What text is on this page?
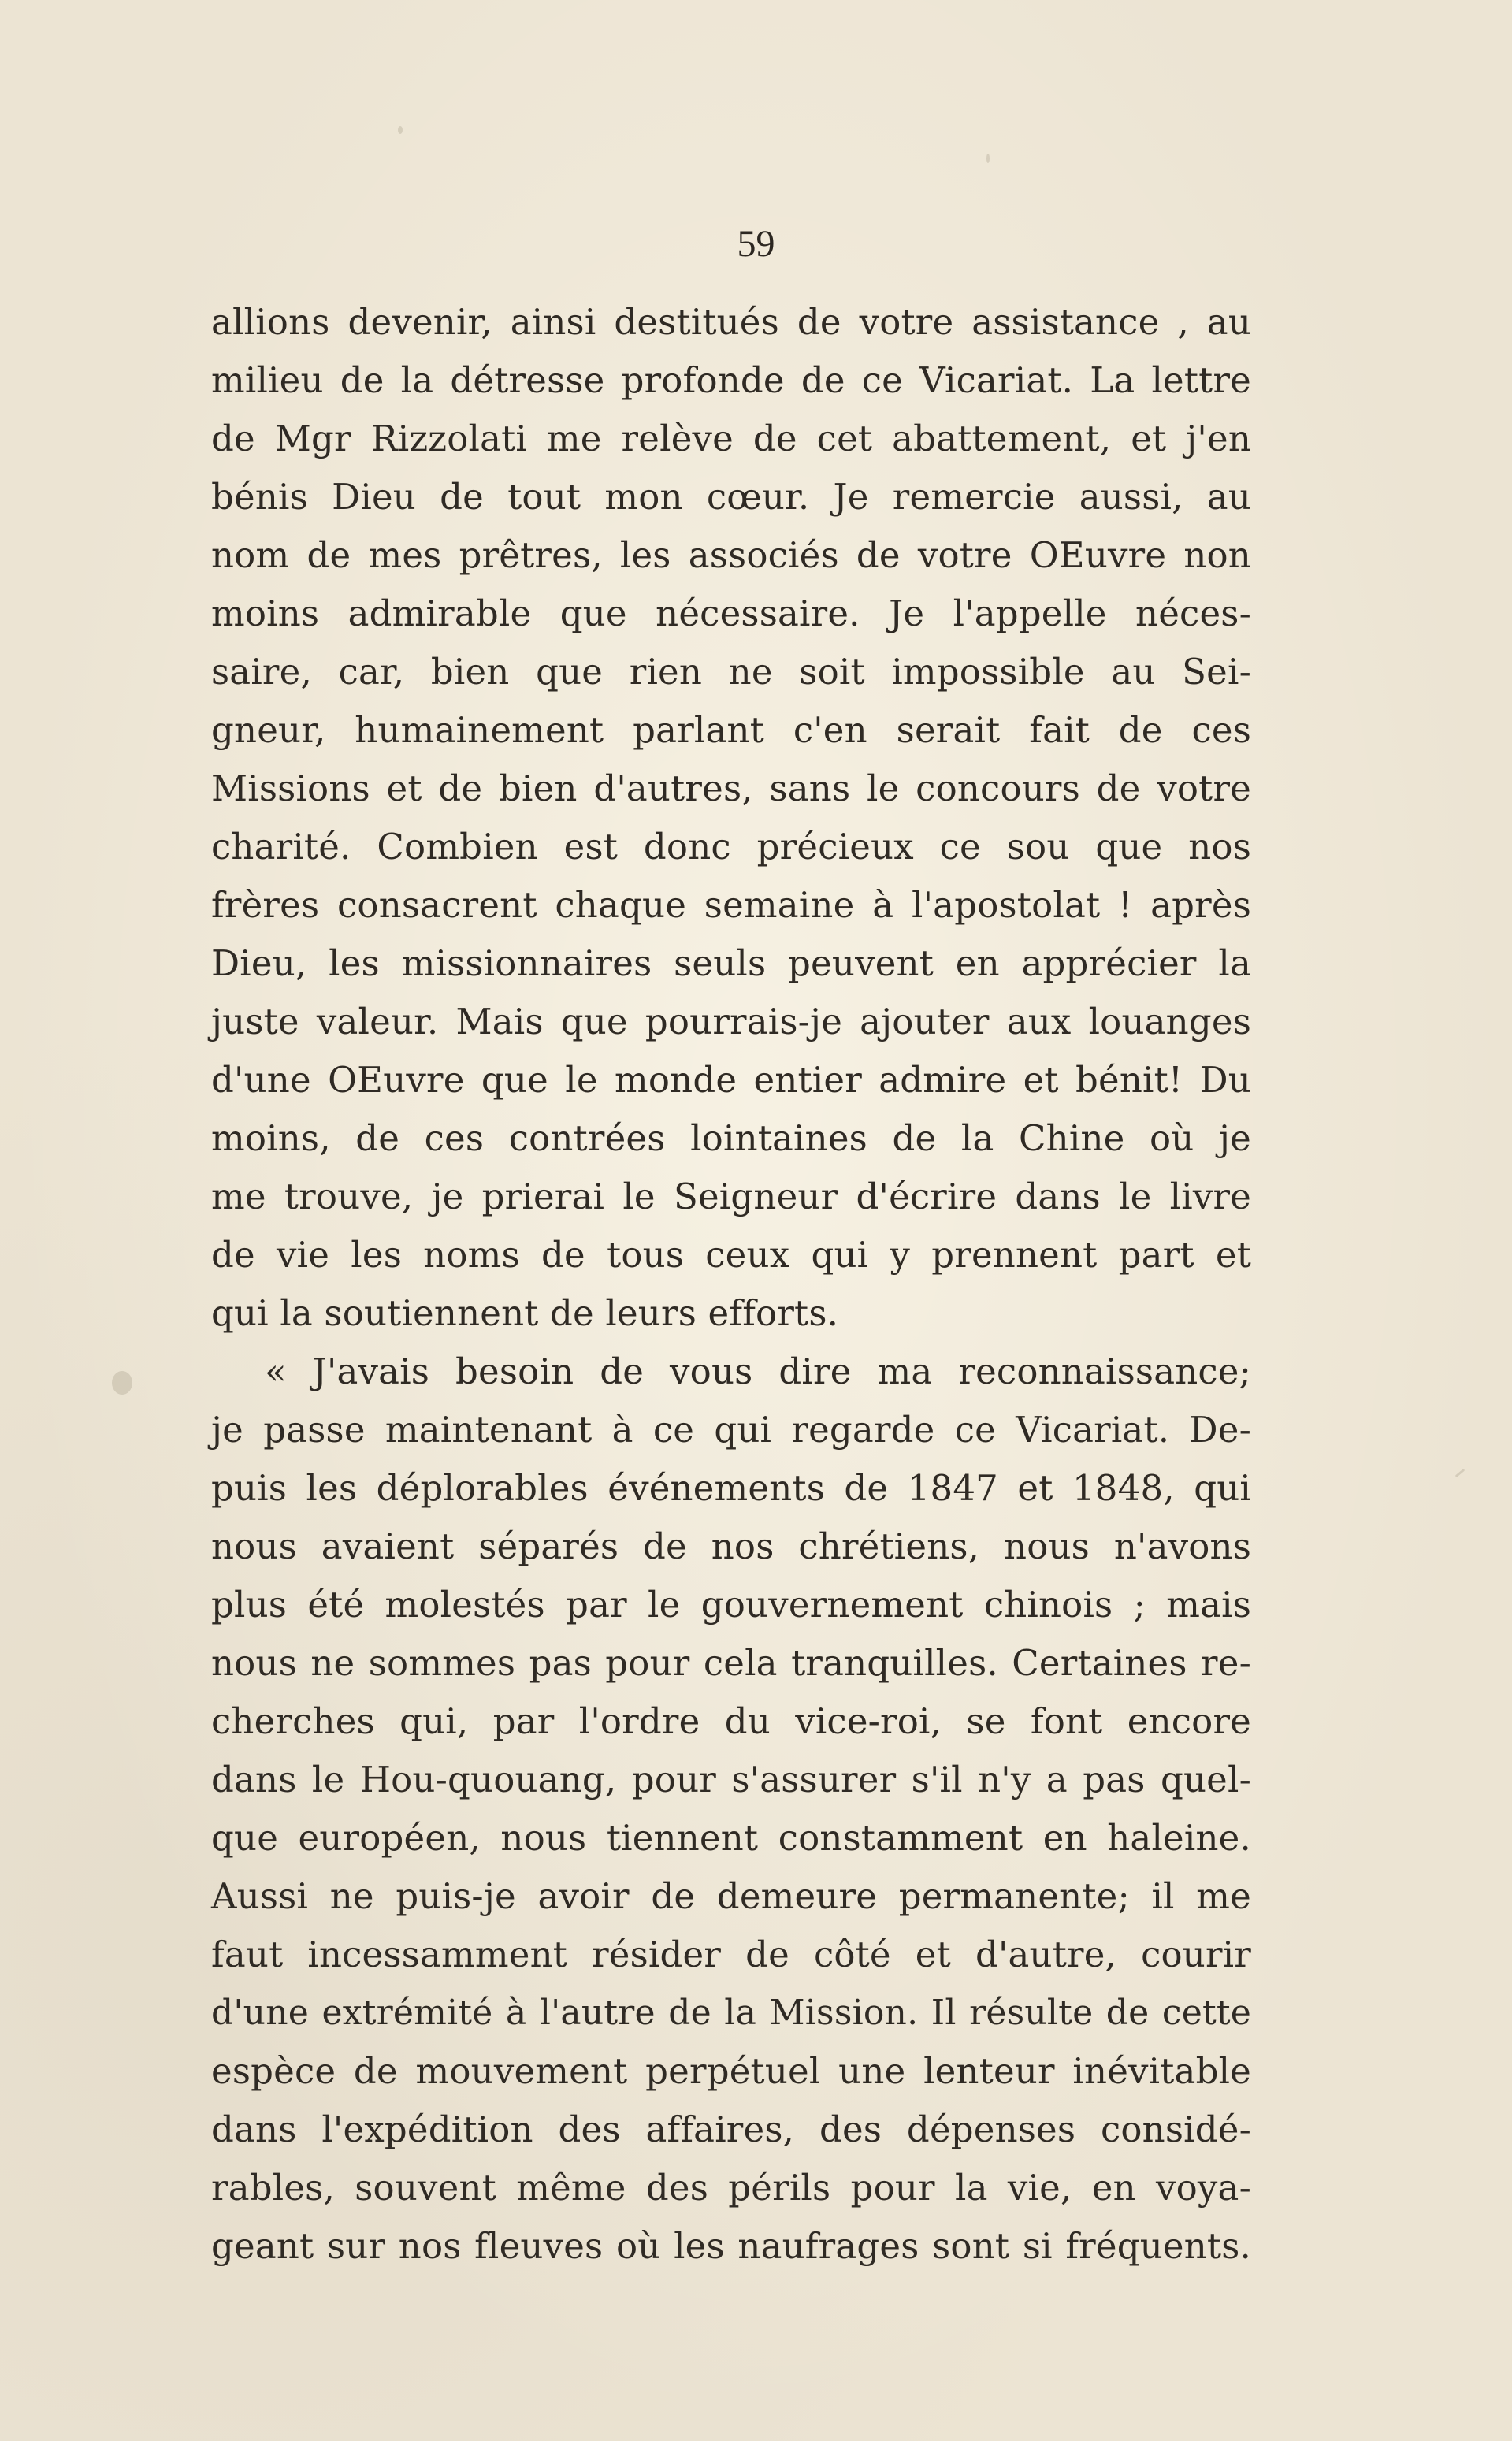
59
allions devenir, ainsi destitués de votre assistance , au
milieu de la détresse profonde de ce Vicariat. La lettre
de Mgr Rizzolati me relève de cet abattement, et j'en
bénis Dieu de tout mon cœur. Je remercie aussi, au
nom de mes prêtres, les associés de votre OEuvre non
moins admirable que nécessaire. Je l'appelle néces-
saire, car, bien que rien ne soit impossible au Sei-
gneur, humainement parlant c'en serait fait de ces
Missions et de bien d'autres, sans le concours de votre
charité. Combien est donc précieux ce sou que nos
frères consacrent chaque semaine à l'apostolat ! après
Dieu, les missionnaires seuls peuvent en apprécier la
juste valeur. Mais que pourrais-je ajouter aux louanges
d'une OEuvre que le monde entier admire et bénit! Du
moins, de ces contrées lointaines de la Chine où je
me trouve, je prierai le Seigneur d'écrire dans le livre
de vie les noms de tous ceux qui y prennent part et
qui la soutiennent de leurs efforts.
« J'avais besoin de vous dire ma reconnaissance;
je passe maintenant à ce qui regarde ce Vicariat. De-
puis les déplorables événements de 1847 et 1848, qui
nous avaient séparés de nos chrétiens, nous n'avons
plus été molestés par le gouvernement chinois ; mais
nous ne sommes pas pour cela tranquilles. Certaines re-
cherches qui, par l'ordre du vice-roi, se font encore
dans le Hou-quouang, pour s'assurer s'il n'y a pas quel-
que européen, nous tiennent constamment en haleine.
Aussi ne puis-je avoir de demeure permanente; il me
faut incessamment résider de côté et d'autre, courir
d'une extrémité à l'autre de la Mission. Il résulte de cette
espèce de mouvement perpétuel une lenteur inévitable
dans l'expédition des affaires, des dépenses considé-
rables, souvent même des périls pour la vie, en voya-
geant sur nos fleuves où les naufrages sont si fréquents.
